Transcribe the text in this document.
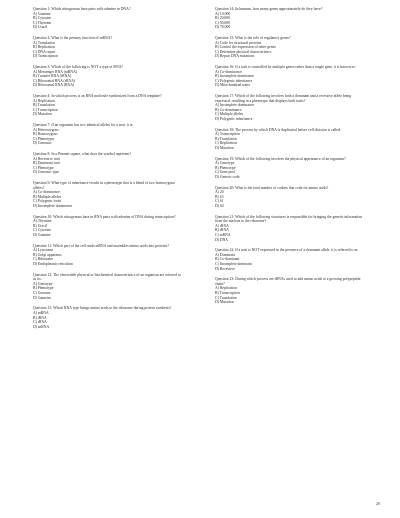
Question 1: Which nitrogenous base pairs with adenine in DNA?
A) Guanine
B) Cytosine
C) Thymine
D) Uracil
Question 2: What is the primary function of mRNA?
A) Translation
B) Replication
C) DNA repair
D) Transcription
Question 3: Which of the following is NOT a type of RNA?
A) Messenger RNA (mRNA)
B) Transfer RNA (tRNA)
C) Ribosomal RNA (rRNA)
D) Ribosomal RNA (RNA)
Question 4: In which process is an RNA molecule synthesized from a DNA template?
A) Replication
B) Translation
C) Transcription
D) Mutation
Question 7: If an organism has two identical alleles for a trait, it is:
A) Heterozygous
B) Homozygous
C) Phenotypic
D) Genomic
Question 8: In a Punnett square, what does the symbol represent?
A) Recessive trait
B) Dominant trait
C) Phenotype
D) Genomic type
Question 9: What type of inheritance results in a phenotype that is a blend of two homozygous alleles?
A) Co-dominance
B) Multiple alleles
C) Polygenic traits
D) Incomplete dominance
Question 10: Which nitrogenous base in RNA pairs with adenine of DNA during transcription?
A) Thymine
B) Uracil
C) Cytosine
D) Guanine
Question 11: Which part of the cell reads mRNA and assembles amino acids into proteins?
A) Lysosome
B) Golgi apparatus
C) Ribosome
D) Endoplasmic reticulum
Question 12: The observable physical or biochemical characteristics of an organism are referred to as its:
A) Genotype
B) Phenotype
C) Genome
D) Gametes
Question 15: Which RNA type brings amino acids to the ribosome during protein synthesis?
A) mRNA
B) tRNA
C) rRNA
D) snRNA
Question 14: In humans, how many genes approximately do they have?
A) 10,000
B) 20,000
C) 50,000
D) 70,000
Question 15: What is the role of regulatory genes?
A) Code for structural proteins
B) Control the expression of other genes
C) Determine physical characteristics
D) Repair DNA mutations
Question 16: If a trait is controlled by multiple genes rather than a single gene, it is known as:
A) Co-dominance
B) Incomplete dominance
C) Polygenic inheritance
D) Mitochondrial traits
Question 17: Which of the following involves both a dominant and a recessive allele being expressed, resulting in a phenotype that displays both traits?
A) Incomplete dominance
B) Co-dominance
C) Multiple alleles
D) Polygenic inheritance
Question 18: The process by which DNA is duplicated before cell division is called:
A) Transcription
B) Translation
C) Replication
D) Mutation
Question 19: Which of the following involves the physical appearance of an organism?
A) Genotype
B) Phenotype
C) Gene pool
D) Genetic code
Question 20: What is the total number of codons that code for amino acids?
A) 20
B) 23
C) 61
D) 64
Question 21: Which of the following structures is responsible for bringing the genetic information from the nucleus to the ribosome?
A) tRNA
B) rRNA
C) mRNA
D) DNA
Question 22: If a trait is NOT expressed in the presence of a dominant allele, it is referred to as:
A) Dominant
B) Co-dominant
C) Incomplete dominant
D) Recessive
Question 23: During which process are tRNAs used to add amino acids to a growing polypeptide chain?
A) Replication
B) Transcription
C) Translation
D) Mutation
20
